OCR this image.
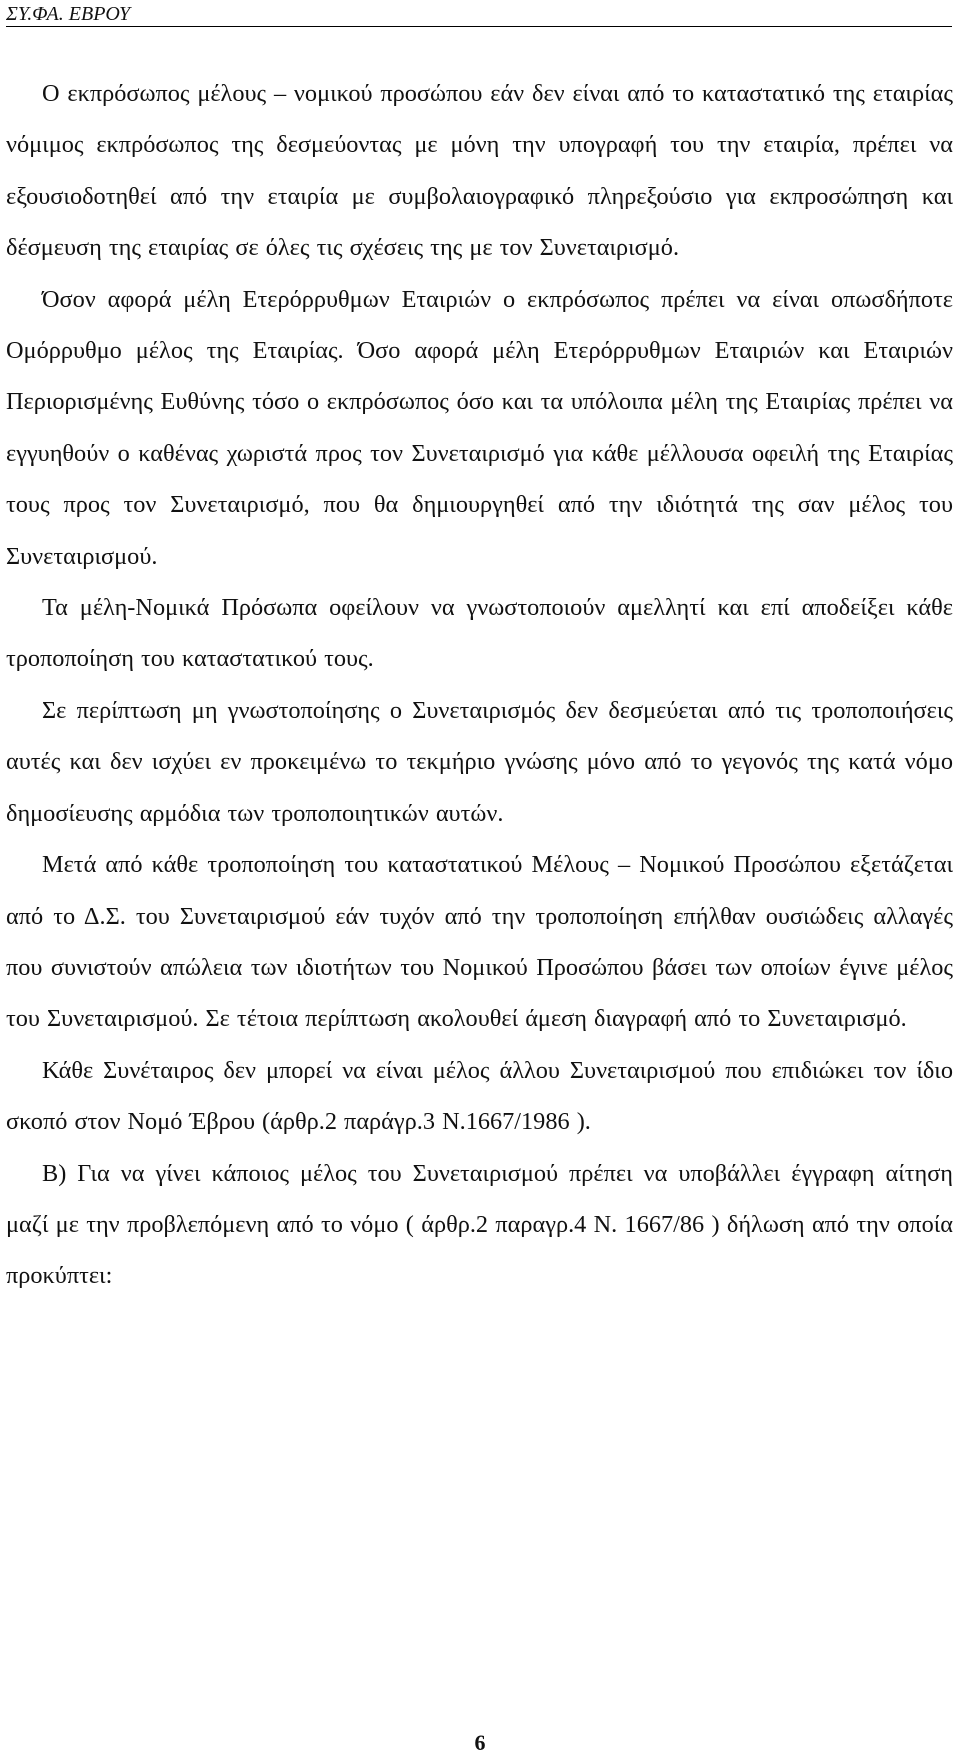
ΣΥ.ΦΑ. ΕΒΡΟΥ

Ο εκπρόσωπος μέλους – νομικού προσώπου εάν δεν είναι από το καταστατικό της εταιρίας νόμιμος εκπρόσωπος της δεσμεύοντας με μόνη την υπογραφή του την εταιρία, πρέπει να εξουσιοδοτηθεί από την εταιρία με συμβολαιογραφικό πληρεξούσιο για εκπροσώπηση και δέσμευση της εταιρίας σε όλες τις σχέσεις της με τον Συνεταιρισμό.

Όσον αφορά μέλη Ετερόρρυθμων Εταιριών ο εκπρόσωπος πρέπει να είναι οπωσδήποτε Ομόρρυθμο μέλος της Εταιρίας. Όσο αφορά μέλη Ετερόρρυθμων Εταιριών και Εταιριών Περιορισμένης Ευθύνης τόσο ο εκπρόσωπος όσο και τα υπόλοιπα μέλη της Εταιρίας πρέπει να εγγυηθούν ο καθένας χωριστά προς τον Συνεταιρισμό για κάθε μέλλουσα οφειλή της Εταιρίας τους προς τον Συνεταιρισμό, που θα δημιουργηθεί από την ιδιότητά της σαν μέλος του Συνεταιρισμού.

Τα μέλη-Νομικά Πρόσωπα οφείλουν να γνωστοποιούν αμελλητί και επί αποδείξει κάθε τροποποίηση του καταστατικού τους.

Σε περίπτωση μη γνωστοποίησης ο Συνεταιρισμός δεν δεσμεύεται από τις τροποποιήσεις αυτές και δεν ισχύει εν προκειμένω το τεκμήριο γνώσης μόνο από το γεγονός της κατά νόμο δημοσίευσης αρμόδια των τροποποιητικών αυτών.

Μετά από κάθε τροποποίηση του καταστατικού Μέλους – Νομικού Προσώπου εξετάζεται από το Δ.Σ. του Συνεταιρισμού εάν τυχόν από την τροποποίηση επήλθαν ουσιώδεις αλλαγές που συνιστούν απώλεια των ιδιοτήτων του Νομικού Προσώπου βάσει των οποίων έγινε μέλος του Συνεταιρισμού. Σε τέτοια περίπτωση ακολουθεί άμεση διαγραφή από το Συνεταιρισμό.

Κάθε Συνέταιρος δεν μπορεί να είναι μέλος άλλου Συνεταιρισμού που επιδιώκει τον ίδιο σκοπό στον Νομό Έβρου (άρθρ.2 παράγρ.3 Ν.1667/1986 ).

Β) Για να γίνει κάποιος μέλος του Συνεταιρισμού πρέπει να υποβάλλει έγγραφη αίτηση μαζί με την προβλεπόμενη από το νόμο ( άρθρ.2 παραγρ.4 Ν. 1667/86 ) δήλωση από την οποία προκύπτει:

6
